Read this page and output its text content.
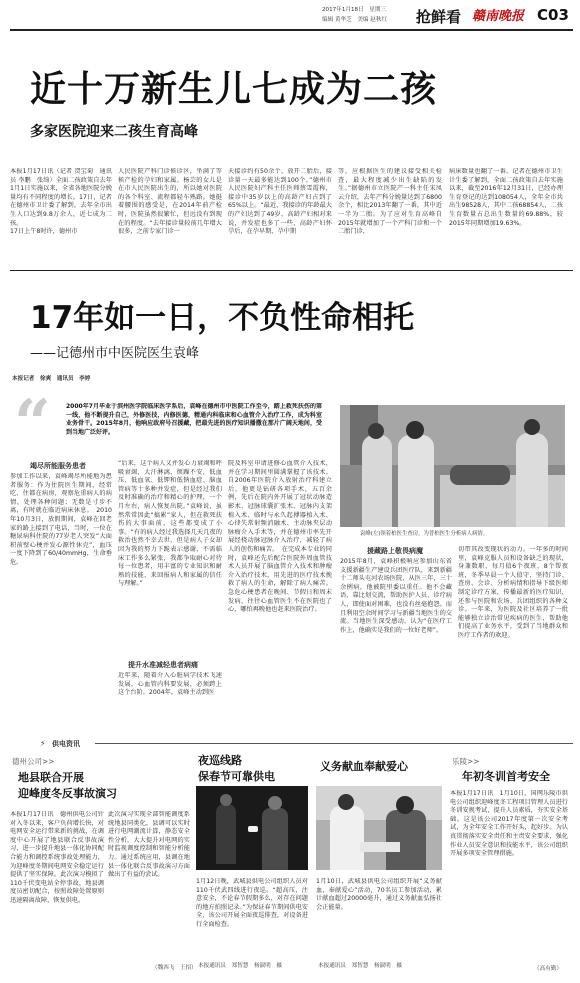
2017年1月18日　星期三
编辑 黄华芝　美编 赵秋红 抢鲜看 赣南晚报 C03
近十万新生儿七成为二孩
多家医院迎来二孩生育高峰
本报1月17日讯（记者 贺宝菊　通讯员 李鹏　张绮）全面二孩政策自去年1月1日实施以来，全省各地医院分娩量均有不同程度的增长。17日，记者在德州市卫计委了解到，去年全市出生人口达到9.8万余人，近七成为二孩。
17日上午8时许，德州市
人民医院产科门诊候诊区，坐满了等候产检的孕妇和家属。杨芸的女儿是在市人民医院出生的，所以她对医院的各个科室、流程都轻车熟路。她挺着腰围的感受是，在2014年前产检时，医院虽然很繁忙，但远没有到现在的程度。“去年接诊量较前几年增大很多，之前专家门诊一
天接诊约有50余个，放开二胎后，接诊量一天最多能达到100个。”德州市人民医院妇产科主任医师蔡雪霞称，接诊中35岁以上的高龄产妇占到了65%以上。“最近，我接诊的年龄最大的产妇达到了49岁，高龄产妇相对来说，并发症也多了一些，高龄产妇怀孕后，在孕早期、孕中期
等，应根据医生的建议接受相关检查，最大程度减少出生缺陷的发生。”据德州市立医院产一科主任宋凤云介绍，去年产科分娩量达到了6800余个，相比2013年翻了一番，其中近一半为二胎。为了应对生育高峰自2015年就增加了一个产科门诊和一个二胎门诊，
病床数量也翻了一番。记者在德州市卫生计生委了解到，全面二孩政策自去年实施以来，截至2016年12月31日，已经办理生育登记的达到108054人，全年全市共出生98528人，其中二孩68854人，二孩生育数量占总出生数量的69.88%，较2015年同期增加19.63%。
17年如一日，不负性命相托
——记德州市中医院医生袁峰
本报记者　徐爽　通讯员　李婷
“	2000年7月毕业于滨州医学院临床医学系后，袁峰在德州市中医院工作至今，踏上救死扶伤的第一线，他不断提升自己，外修医技，内修医德，精通内科临床和心血管介入治疗工作，成为科室业务骨干。2015年8月，他响应政府号召援藏，把最先进的医疗知识播撒在那片广阔天地间，受到当地广泛好评。
竭尽所能服务患者
参加工作以来，袁峰竭尽所能地为患者服务：作为住院医生期间，经常吃、住都在病房，观察危重病人的病情，处理各种问题；无数是寸步不离，有时就在临近病床休息。　2010年10月3日，放假期间，袁峰在回老家的路上接到了电话，当时，一位在糖尿病科住院的77岁老人突发“大面积前壁心梗并发心源性休克”，血压一度下降到了60/40mmHg，生命垂危。
“后来，这个病人又并发心力衰竭和呼吸衰竭，大汗淋漓、烦躁不安，低血压、低血氧、低钾和低钠血症、脑血管病等十多种并发症，但是经过我们及时准确的治疗和精心的护理，一个月左右，病人恢复出院。”袁峰说，虽然常常因此“搞累”家人，但在救死扶伤的大事面前，这些都变成了小事。“有的病人经过我选择几天几夜的救治也然不幸去世，但是病人子女却因为我的努力下跪表示感谢，不需临床工作多么紧张，我都争取耐心对待每一位患者，用丰富的专业知识和耐熟的技能，来回报病人和家属的信任与理解。”
提升水准减轻患者病痛
近年来，随着介入心脏病学技术飞速发展，心血管内科要发展，必须跨上这个台阶。2004年，袁峰主动到医
院及科室申请进修心血管介入技术，并在学习期间里圆满掌握了该技术。自2006年医院介入放射治疗科建立后，他更是钻研各项手术，五百余例，先后在院内外开展了冠状动脉造影术、冠脉球囊扩张术、冠脉内支架植入术、临时与永久起搏器植入术、心律失常射频消融术、主动脉夹层动脉瘤介入手术等，并在德州市率先开展经桡动脉冠脉介入治疗，减轻了病人的创伤和痛苦。　在完成本专业的同时，袁峰还先后配合医院外周血管技术人员开展了脑血管介入技术和肿瘤介入治疗技术，用先进的医疗技术挽救了病人的生命，解除了病人痛苦。急危心梗患者在晚间、节假日和周末发病，往往心血管医生不在医院也了心，哪怕再晚他也赶来医院治疗。
袁峰(左)领着柏医生查房，为普柏医生分析病人病情。
援藏路上敬畏病魔
2015年8月，袁峰积极响应参加山东省支援新疆生产建设兵团医疗队，来到新疆十二师头屯河农场医院，从医三年，三十余例病，他被院里委以重任。他不会藏语，靠比划交流，帮助医护人员、诊疗病人，即使面对困难，也没有丝毫抱怨。而且利用空余时间学习与新疆当地医生的交流。当地医生深受感动，认为“在医疗工作上，他确实是我们的一位好老师”。
切带其改变现状的动力。一年多的时间里，袁峰克服人员和设备缺乏的现状，身兼数职，每月值6个夜班，8个帮夜班，冬季早晨一个人值守，坚持门诊、查房、会诊、分析病情和指导下级医师制定诊疗方案，传播最新的医疗知识，还参与医院和农场、兵团组织的各种义诊。一年来，为医院及社区培养了一批能够独立诊治常见疾病的医生，帮助他们提高了业务水平，受到了当地群众和医疗工作者的欢迎。
⚡ 供电资讯
德州公司>>
地县联合开展
迎峰度冬反事故演习
本报1月17日讯　德州供电公司针对入冬以来，客户负荷增长快，对电网安全运行带来新的挑战，在调度中心开展了地县联合反事故演习，进一步提升地县一体化协同配合能力和调控系统事故处理能力，为迎峰度冬期间电网安全稳定运行提供了坚实保障。此次演习模拟了110千伏变电站全停事故，地县调度员密切配合，按照故障处置原则迅速隔离故障，恢复供电。
此次演习实现全部智能调度系统地县同类化，县调可以实时进行电网潮流计算，静态安全性分析，大大提升对电网的实时监视调度控制和智能分析能力。通过系统应用，县调在地县一体化联合反事故演习方面做出了有益的尝试。
（魏西飞　王招）
夜巡线路
保春节可靠供电
1月12日晚，武城县供电公司组织人员对110千伏武四线进行夜巡。“超高压，注意安全，不论春节假期多么，对存在问题的地方拍照记录。”为保证春节期间供电安全，该公司开展全面夜巡排查，对设备进行全面检查。
本报通讯员　郑智慧　杨淑明　摄
义务献血奉献爱心
1月10日，武城县供电公司组织开展“义务献血，奉献爱心”活动，70名员工参加活动，累计献血超过20000毫升，通过义务献血弘扬社会正能量。
本报通讯员　郑智慧　杨淑明　摄
乐陵>>
年初冬训首考安全
本报1月17日讯　1月10日，国网乐陵市供电公司组织迎峰度冬工程项目管理人员进行冬训安规考试，提升人员素质，夯实安全基础。这是该公司2017年度第一次安全考试，为全年安全工作开好头，起好步。为认真贯彻落实安全责任和主责安全要求，强化作业人员安全意识和技能水平，该公司组织开展多项安全管理措施。
（高有勤）
